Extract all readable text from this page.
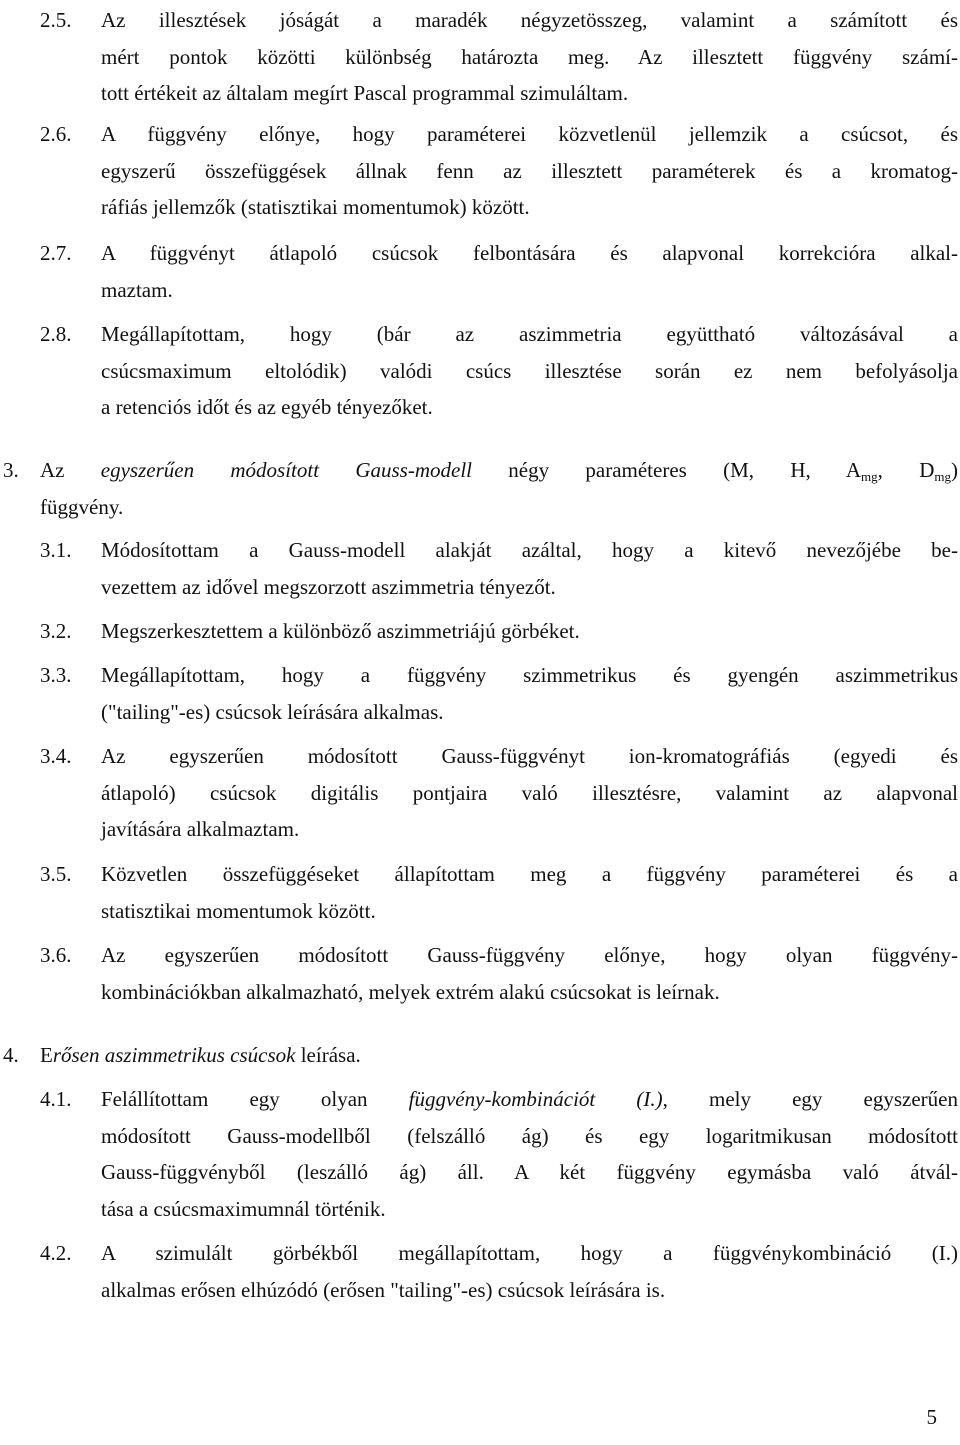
2.5. Az illesztések jóságát a maradék négyzetösszeg, valamint a számított és
mért pontok közötti különbség határozta meg. Az illesztett függvény számí-
tott értékeit az általam megírt Pascal programmal szimuláltam.
2.6. A függvény előnye, hogy paraméterei közvetlenül jellemzik a csúcsot, és
egyszerű összefüggések állnak fenn az illesztett paraméterek és a kromatog-
ráfiás jellemzők (statisztikai momentumok) között.
2.7. A függvényt átlapoló csúcsok felbontására és alapvonal korrekcióra alkal-
maztam.
2.8. Megállapítottam, hogy (bár az aszimmetria együttható változásával a
csúcsmaximum eltolódik) valódi csúcs illesztése során ez nem befolyásolja
a retenciós időt és az egyéb tényezőket.
3.1. Módosítottam a Gauss-modell alakját azáltal, hogy a kitevő nevezőjébe be-
vezettem az idővel megszorzott aszimmetria tényezőt.
3.2. Megszerkesztettem a különböző aszimmetriájú görbéket.
3.3. Megállapítottam, hogy a függvény szimmetrikus és gyengén aszimmetrikus
("tailing"-es) csúcsok leírására alkalmas.
3.4. Az egyszerűen módosított Gauss-függvényt ion-kromatográfiás (egyedi és
átlapoló) csúcsok digitális pontjaira való illesztésre, valamint az alapvonal
javítására alkalmaztam.
3.5. Közvetlen összefüggéseket állapítottam meg a függvény paraméterei és a
statisztikai momentumok között.
3.6. Az egyszerűen módosított Gauss-függvény előnye, hogy olyan függvény-
kombinációkban alkalmazható, melyek extrém alakú csúcsokat is leírnak.
4.1. Felállítottam egy olyan függvény-kombinációt (I.), mely egy egyszerűen
módosított Gauss-modellből (felszálló ág) és egy logaritmikusan módosított
Gauss-függvényből (leszálló ág) áll. A két függvény egymásba való átvál-
tása a csúcsmaximumnál történik.
4.2. A szimulált görbékből megállapítottam, hogy a függvénykombináció (I.)
alkalmas erősen elhúzódó (erősen "tailing"-es) csúcsok leírására is.
3. Az egyszerűen módosított Gauss-modell négy paraméteres (M, H, $A_{mg}$, $D_{mg}$)
függvény.
4. Erősen aszimmetrikus csúcsok leírása.
5
